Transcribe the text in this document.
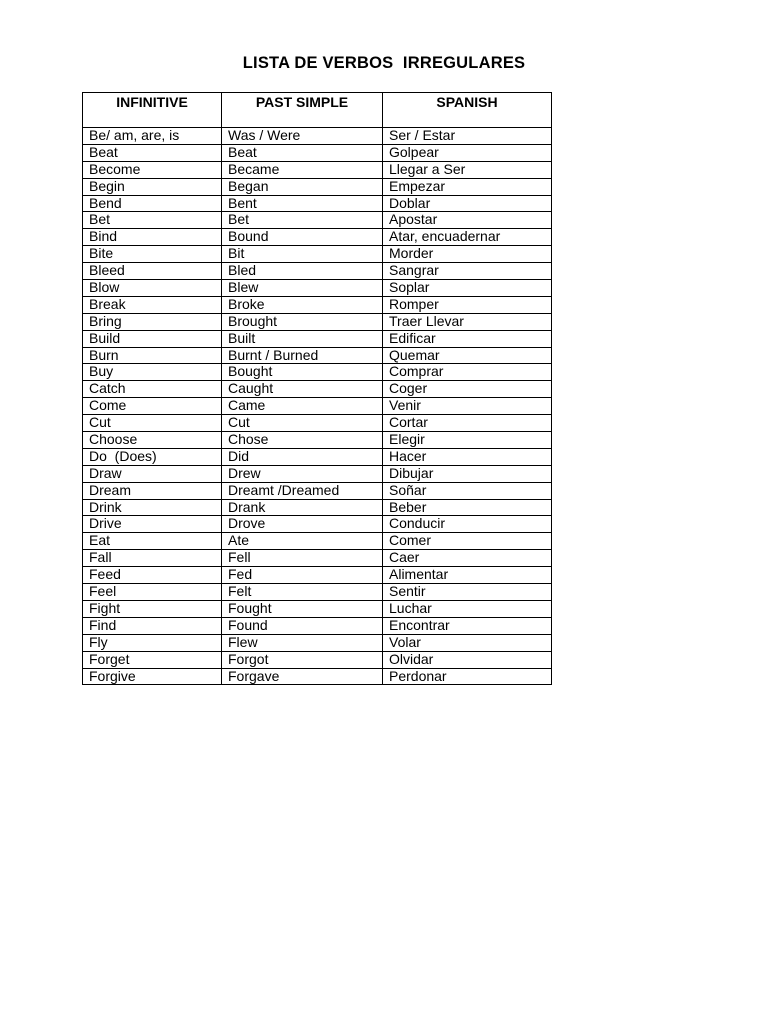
LISTA DE VERBOS  IRREGULARES
INFINITIVE	PAST SIMPLE	SPANISH
Be/ am, are, is	Was / Were	Ser / Estar
Beat	Beat	Golpear
Become	Became	Llegar a Ser
Begin	Began	Empezar
Bend	Bent	Doblar
Bet	Bet	Apostar
Bind	Bound	Atar, encuadernar
Bite	Bit	Morder
Bleed	Bled	Sangrar
Blow	Blew	Soplar
Break	Broke	Romper
Bring	Brought	Traer Llevar
Build	Built	Edificar
Burn	Burnt / Burned	Quemar
Buy	Bought	Comprar
Catch	Caught	Coger
Come	Came	Venir
Cut	Cut	Cortar
Choose	Chose	Elegir
Do  (Does)	Did	Hacer
Draw	Drew	Dibujar
Dream	Dreamt /Dreamed	Soñar
Drink	Drank	Beber
Drive	Drove	Conducir
Eat	Ate	Comer
Fall	Fell	Caer
Feed	Fed	Alimentar
Feel	Felt	Sentir
Fight	Fought	Luchar
Find	Found	Encontrar
Fly	Flew	Volar
Forget	Forgot	Olvidar
Forgive	Forgave	Perdonar
